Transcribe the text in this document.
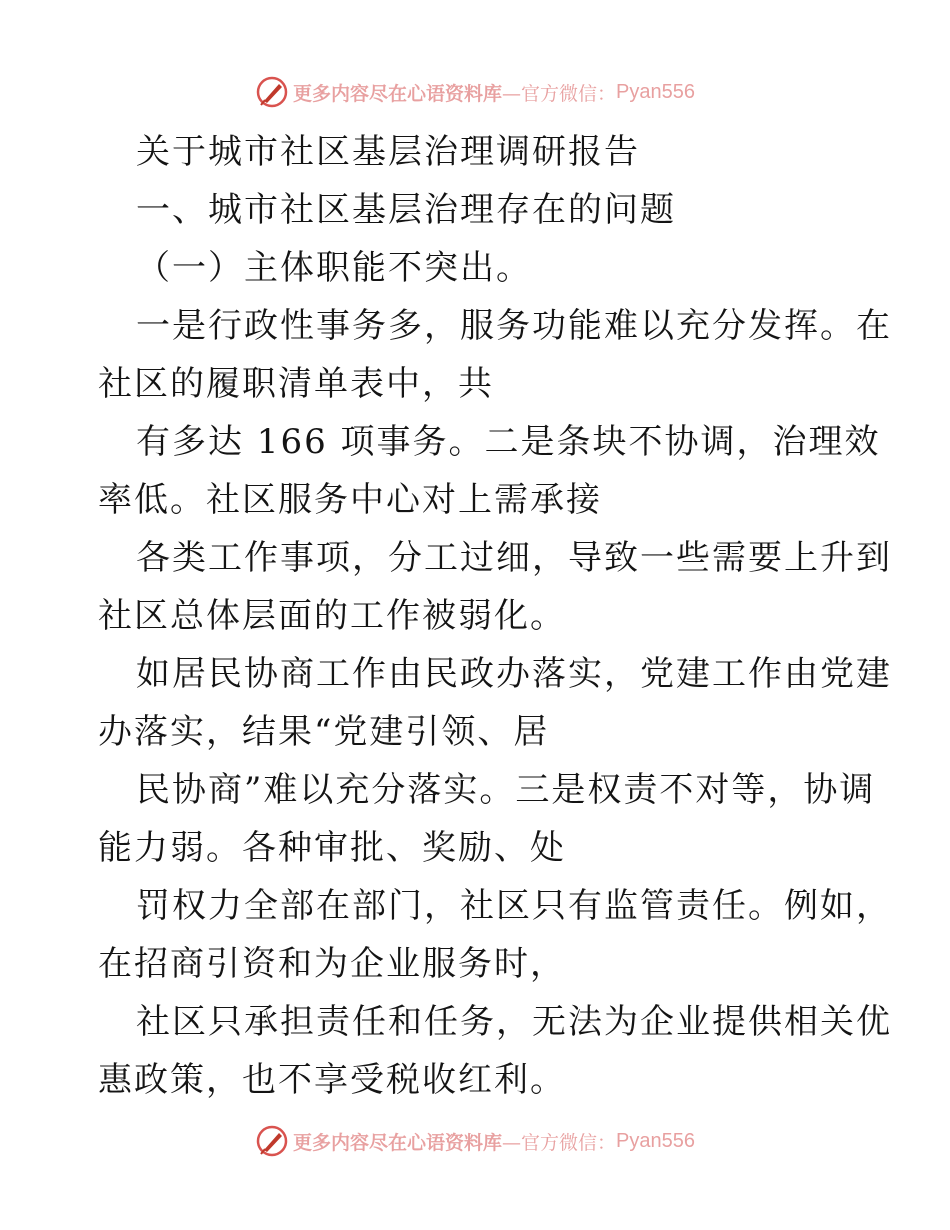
更多内容尽在心语资料库 —官方微信： Pyan556
关于城市社区基层治理调研报告
一、城市社区基层治理存在的问题
（一）主体职能不突出。
一是行政性事务多，服务功能难以充分发挥。在
社区的履职清单表中，共
有多达 166 项事务。二是条块不协调，治理效
率低。社区服务中心对上需承接
各类工作事项，分工过细，导致一些需要上升到
社区总体层面的工作被弱化。
如居民协商工作由民政办落实，党建工作由党建
办落实，结果“党建引领、居
民协商”难以充分落实。三是权责不对等，协调
能力弱。各种审批、奖励、处
罚权力全部在部门，社区只有监管责任。例如，
在招商引资和为企业服务时，
社区只承担责任和任务，无法为企业提供相关优
惠政策，也不享受税收红利。
更多内容尽在心语资料库 —官方微信： Pyan556
